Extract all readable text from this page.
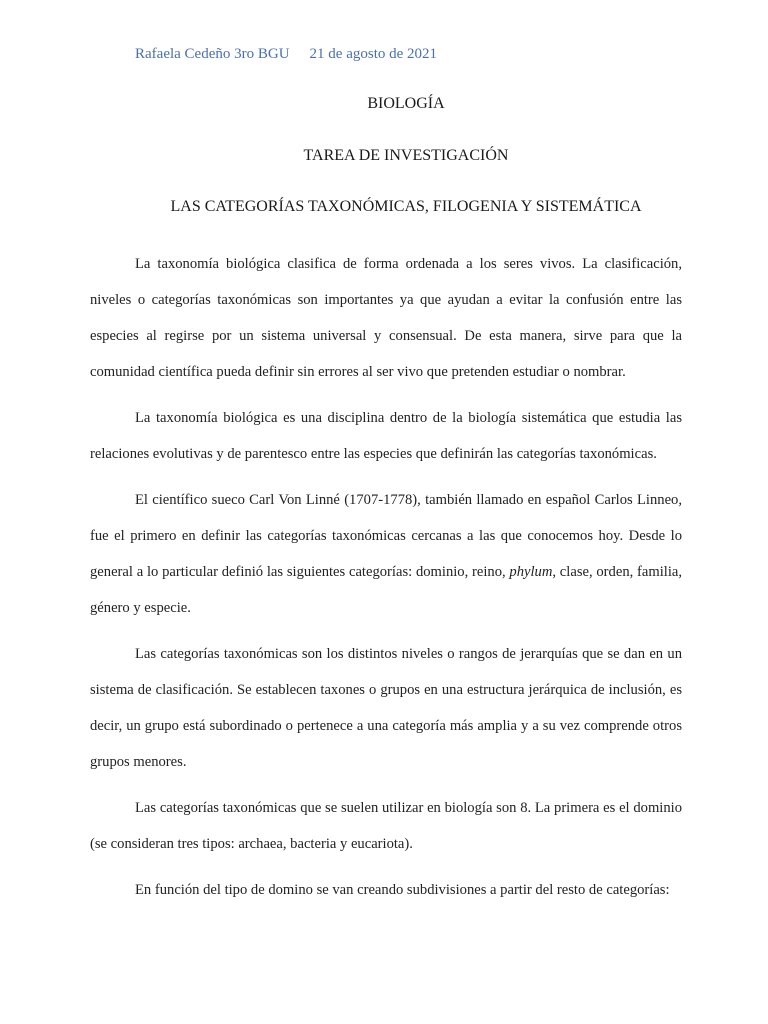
Rafaela Cedeño 3ro BGU 21 de agosto de 2021
BIOLOGÍA
TAREA DE INVESTIGACIÓN
LAS CATEGORÍAS TAXONÓMICAS, FILOGENIA Y SISTEMÁTICA

La taxonomía biológica clasifica de forma ordenada a los seres vivos. La clasificación, niveles o categorías taxonómicas son importantes ya que ayudan a evitar la confusión entre las especies al regirse por un sistema universal y consensual. De esta manera, sirve para que la comunidad científica pueda definir sin errores al ser vivo que pretenden estudiar o nombrar.

La taxonomía biológica es una disciplina dentro de la biología sistemática que estudia las relaciones evolutivas y de parentesco entre las especies que definirán las categorías taxonómicas.

El científico sueco Carl Von Linné (1707-1778), también llamado en español Carlos Linneo, fue el primero en definir las categorías taxonómicas cercanas a las que conocemos hoy. Desde lo general a lo particular definió las siguientes categorías: dominio, reino, phylum, clase, orden, familia, género y especie.

Las categorías taxonómicas son los distintos niveles o rangos de jerarquías que se dan en un sistema de clasificación. Se establecen taxones o grupos en una estructura jerárquica de inclusión, es decir, un grupo está subordinado o pertenece a una categoría más amplia y a su vez comprende otros grupos menores.

Las categorías taxonómicas que se suelen utilizar en biología son 8. La primera es el dominio (se consideran tres tipos: archaea, bacteria y eucariota).

En función del tipo de domino se van creando subdivisiones a partir del resto de categorías:
